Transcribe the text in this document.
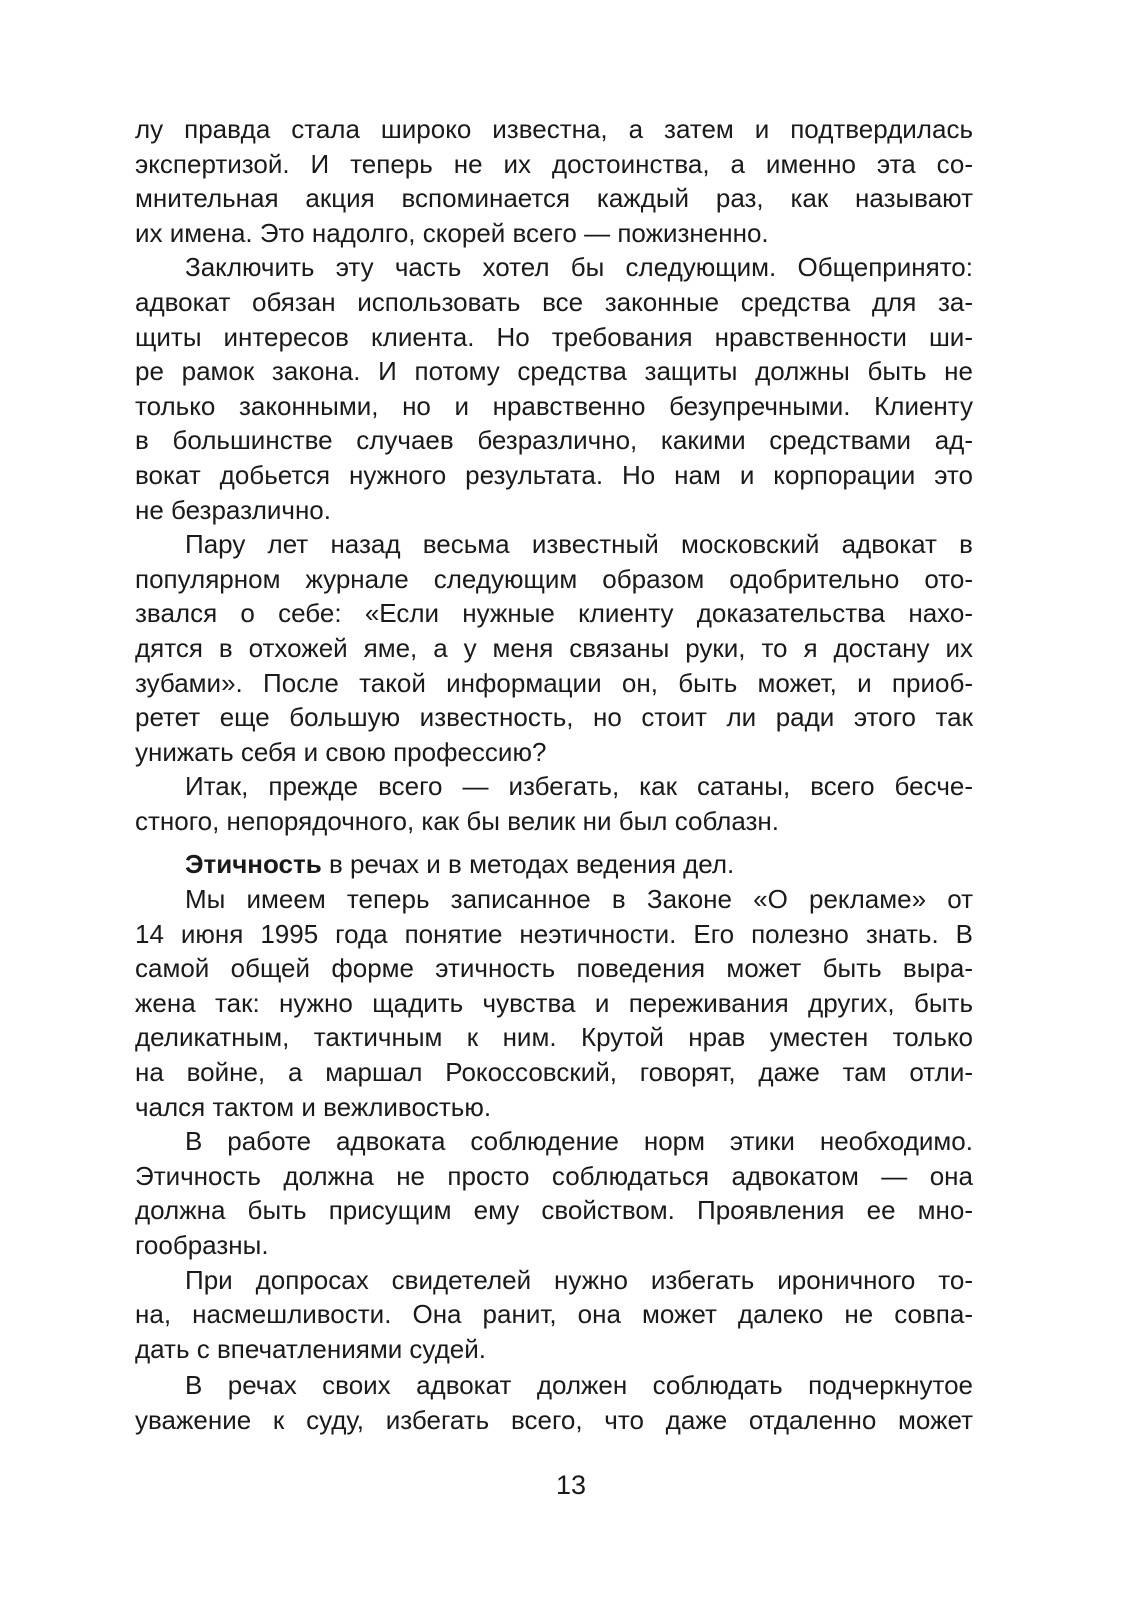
лу правда стала широко известна, а затем и подтвердилась
экспертизой. И теперь не их достоинства, а именно эта со-
мнительная акция вспоминается каждый раз, как называют
их имена. Это надолго, скорей всего — пожизненно.
Заключить эту часть хотел бы следующим. Общепринято:
адвокат обязан использовать все законные средства для за-
щиты интересов клиента. Но требования нравственности ши-
ре рамок закона. И потому средства защиты должны быть не
только законными, но и нравственно безупречными. Клиенту
в большинстве случаев безразлично, какими средствами ад-
вокат добьется нужного результата. Но нам и корпорации это
не безразлично.
Пару лет назад весьма известный московский адвокат в
популярном журнале следующим образом одобрительно ото-
звался о себе: «Если нужные клиенту доказательства нахо-
дятся в отхожей яме, а у меня связаны руки, то я достану их
зубами». После такой информации он, быть может, и приоб-
ретет еще большую известность, но стоит ли ради этого так
унижать себя и свою профессию?
Итак, прежде всего — избегать, как сатаны, всего бесче-
стного, непорядочного, как бы велик ни был соблазн.
Этичность в речах и в методах ведения дел.
Мы имеем теперь записанное в Законе «О рекламе» от
14 июня 1995 года понятие неэтичности. Его полезно знать. В
самой общей форме этичность поведения может быть выра-
жена так: нужно щадить чувства и переживания других, быть
деликатным, тактичным к ним. Крутой нрав уместен только
на войне, а маршал Рокоссовский, говорят, даже там отли-
чался тактом и вежливостью.
В работе адвоката соблюдение норм этики необходимо.
Этичность должна не просто соблюдаться адвокатом — она
должна быть присущим ему свойством. Проявления ее мно-
гообразны.
При допросах свидетелей нужно избегать ироничного то-
на, насмешливости. Она ранит, она может далеко не совпа-
дать с впечатлениями судей.
В речах своих адвокат должен соблюдать подчеркнутое
уважение к суду, избегать всего, что даже отдаленно может
13
